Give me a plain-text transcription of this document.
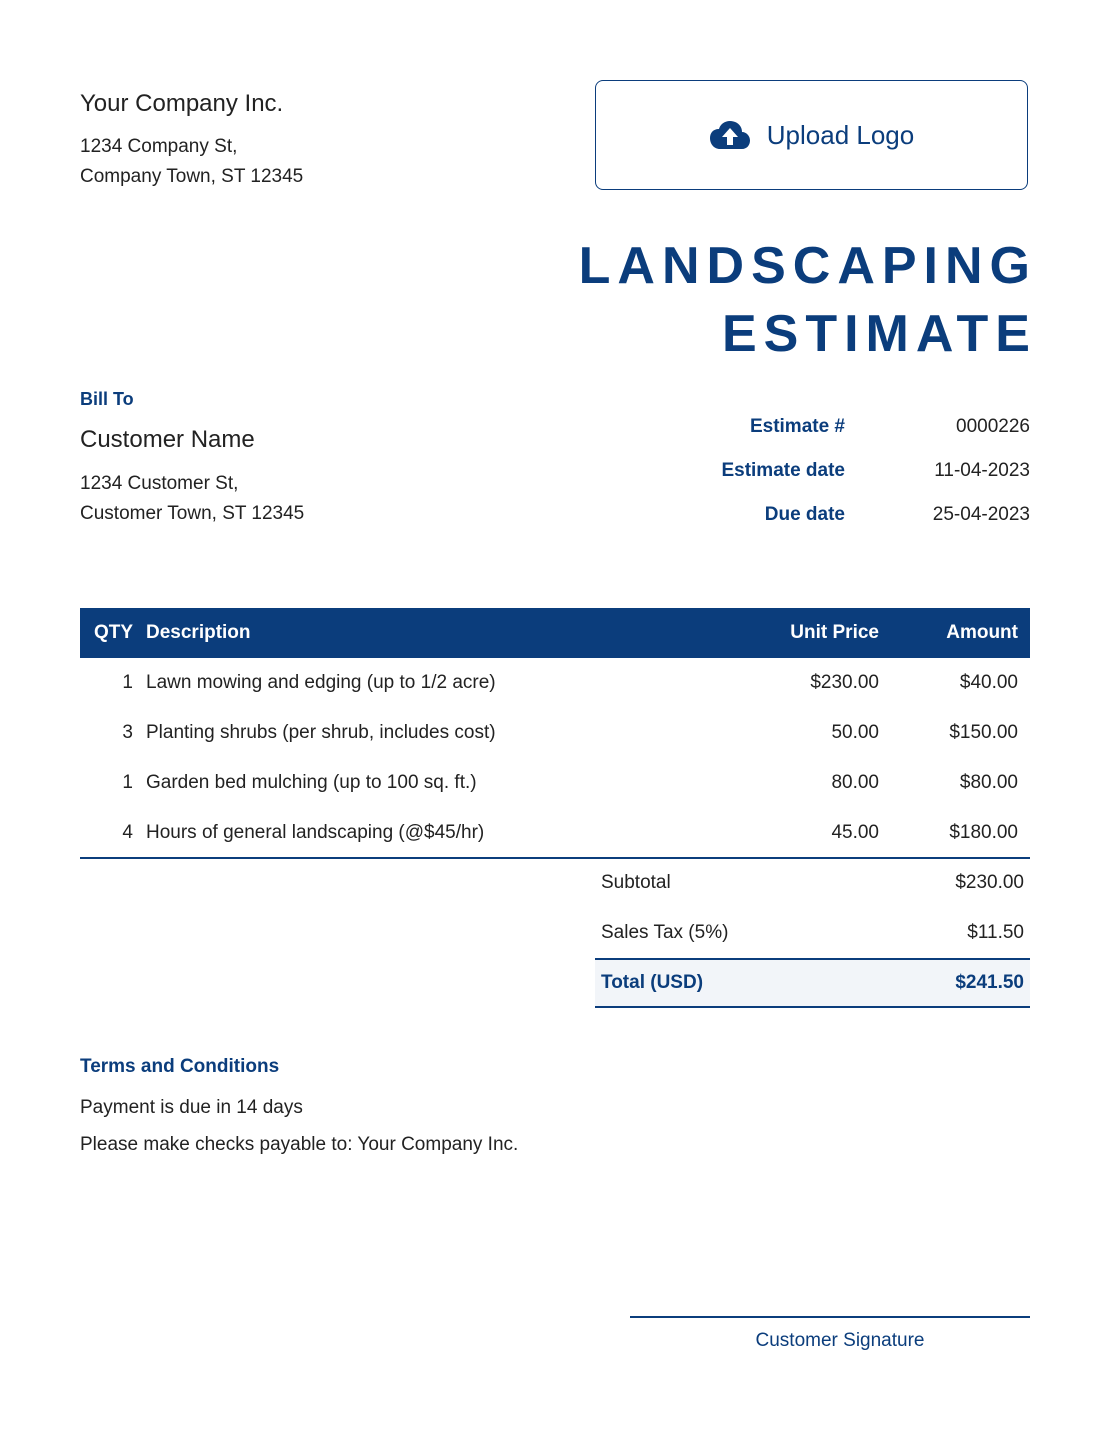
Your Company Inc.
1234 Company St,
Company Town, ST 12345
Upload Logo
LANDSCAPING
ESTIMATE
Bill To
Customer Name
1234 Customer St,
Customer Town, ST 12345
Estimate #	0000226
Estimate date	11-04-2023
Due date	25-04-2023
QTY Description	Unit Price	Amount
1 Lawn mowing and edging (up to 1/2 acre)	$230.00	$40.00
3 Planting shrubs (per shrub, includes cost)	50.00	$150.00
1 Garden bed mulching (up to 100 sq. ft.)	80.00	$80.00
4 Hours of general landscaping (@$45/hr)	45.00	$180.00
Subtotal	$230.00
Sales Tax (5%)	$11.50
Total (USD)	$241.50
Terms and Conditions
Payment is due in 14 days
Please make checks payable to: Your Company Inc.
Customer Signature
